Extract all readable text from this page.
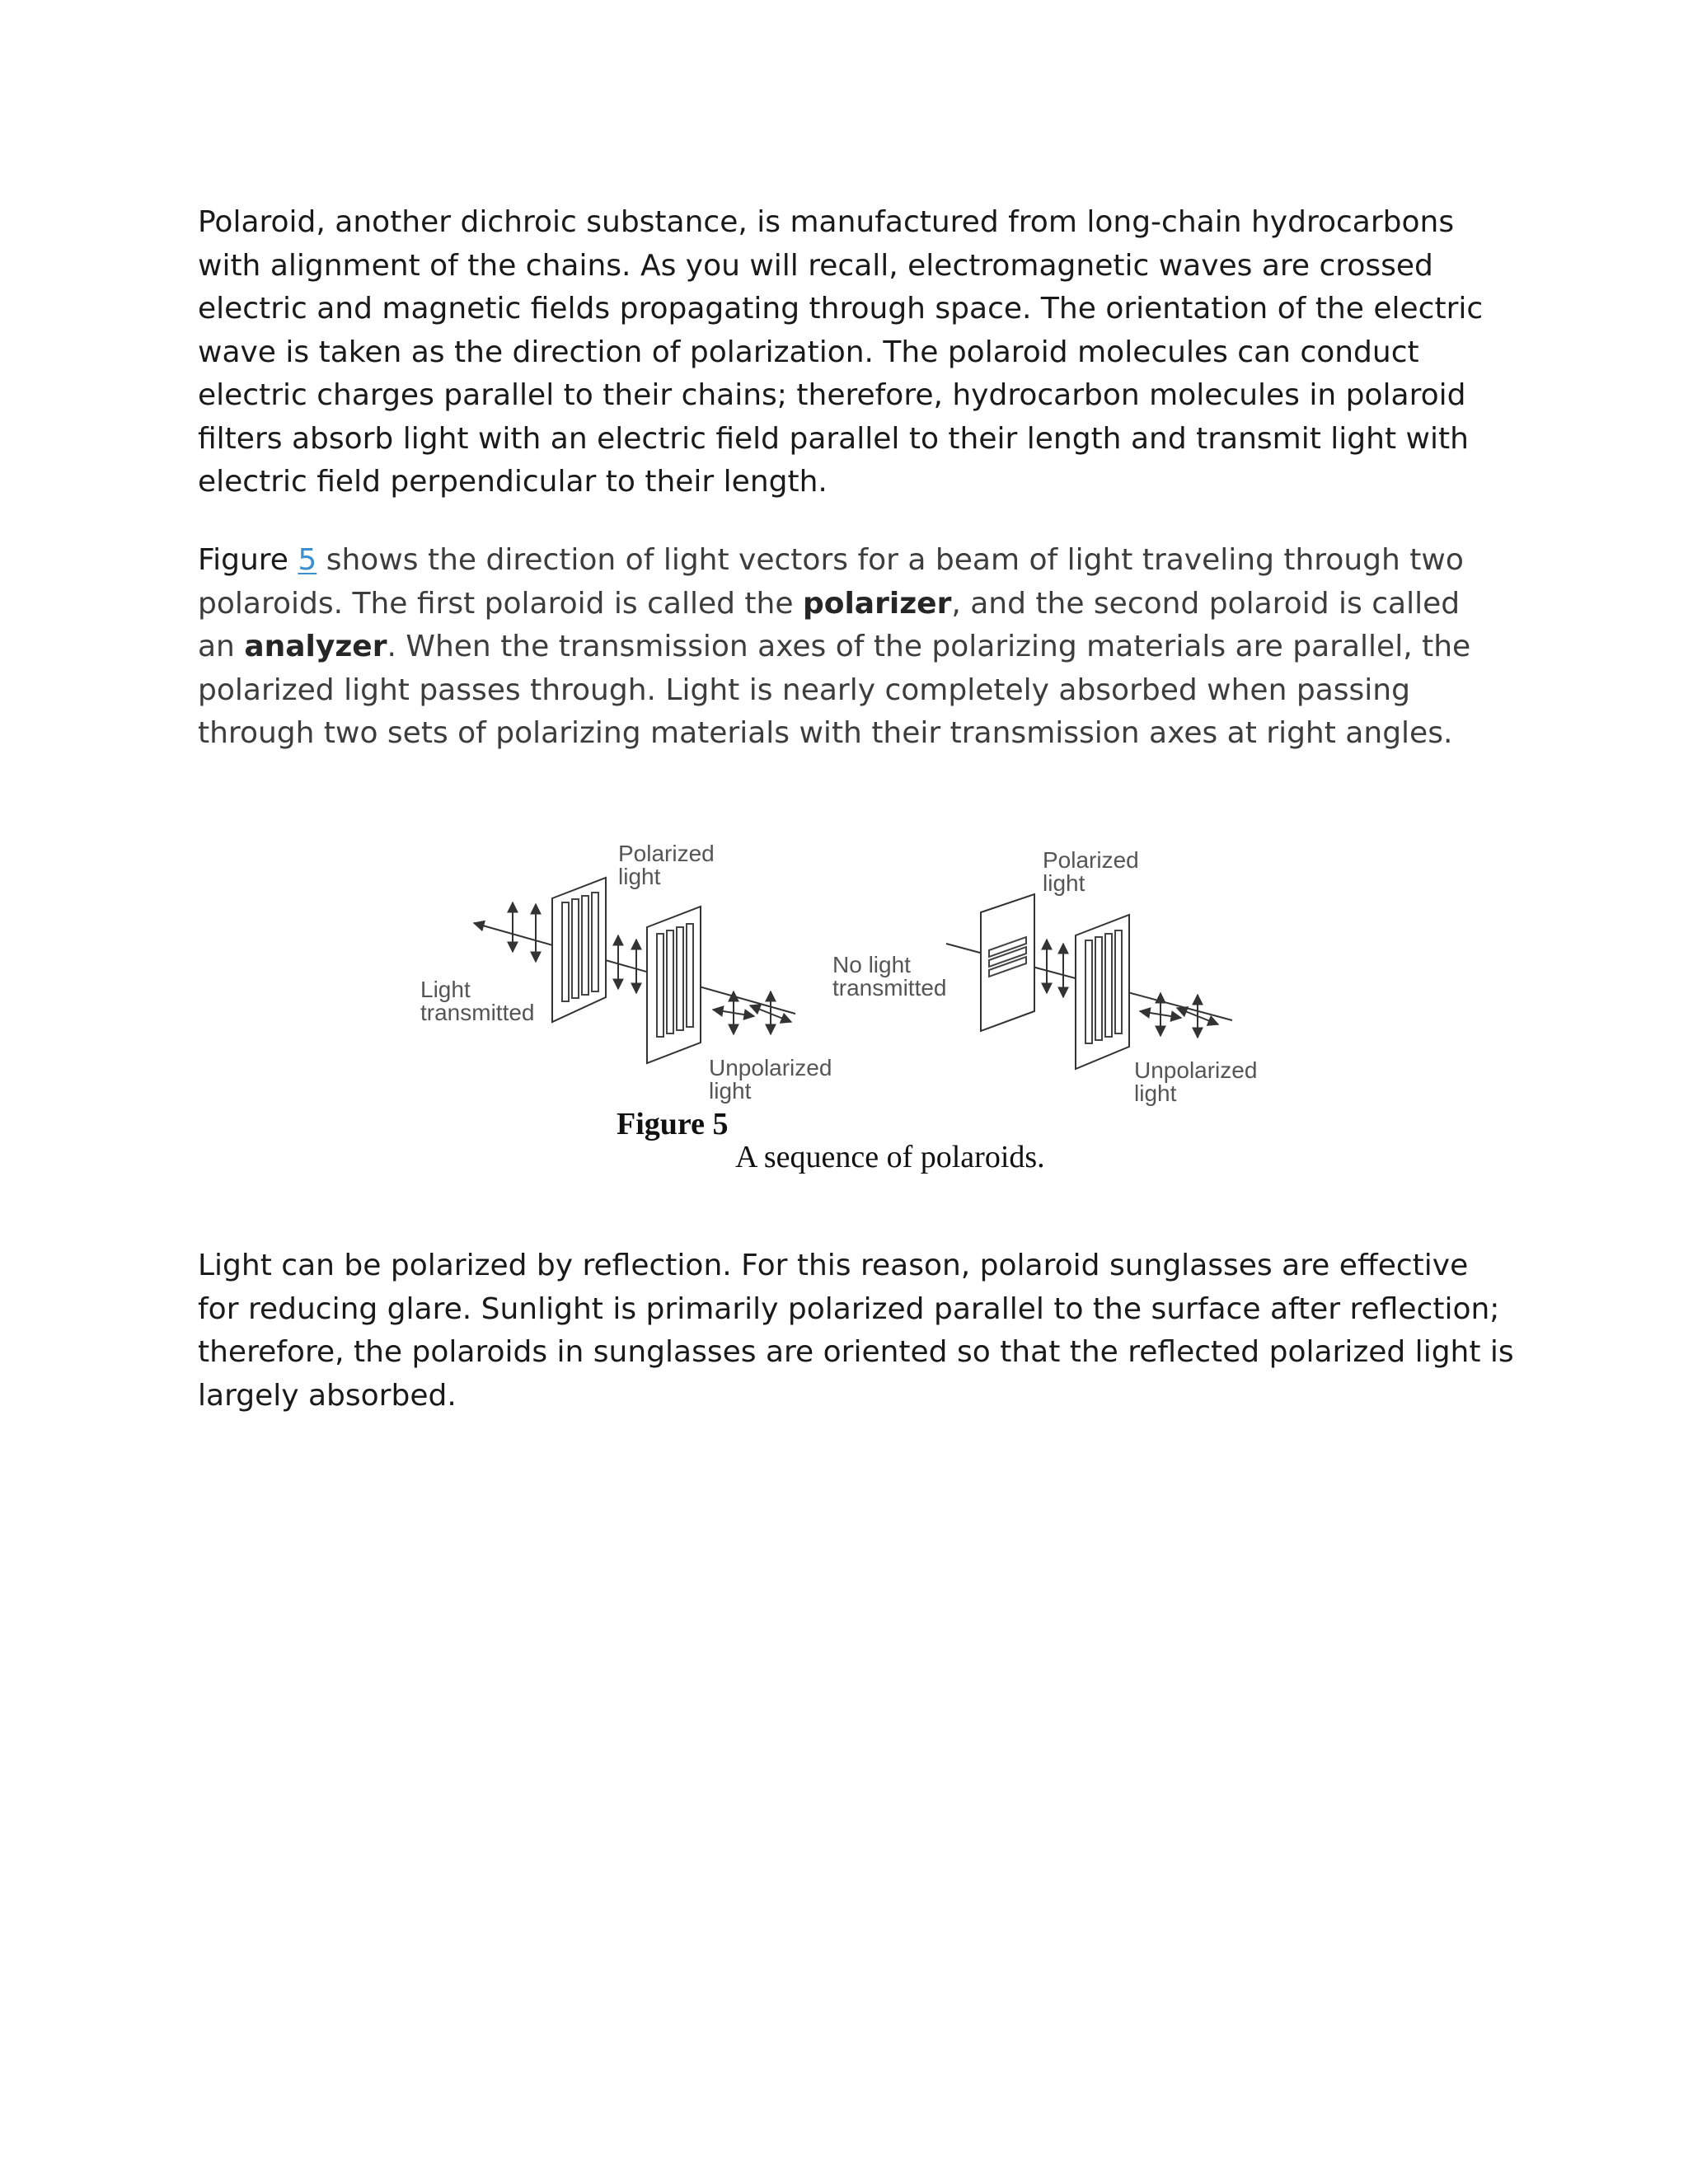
Polaroid, another dichroic substance, is manufactured from long-chain hydrocarbons
with alignment of the chains. As you will recall, electromagnetic waves are crossed
electric and magnetic fields propagating through space. The orientation of the electric
wave is taken as the direction of polarization. The polaroid molecules can conduct
electric charges parallel to their chains; therefore, hydrocarbon molecules in polaroid
filters absorb light with an electric field parallel to their length and transmit light with
electric field perpendicular to their length.
Figure 5 shows the direction of light vectors for a beam of light traveling through two
polaroids. The first polaroid is called the polarizer, and the second polaroid is called
an analyzer. When the transmission axes of the polarizing materials are parallel, the
polarized light passes through. Light is nearly completely absorbed when passing
through two sets of polarizing materials with their transmission axes at right angles.
Polarized
light
Light
transmitted
Unpolarized
light
Polarized
light
No light
transmitted
Unpolarized
light

Figure 5

A sequence of polaroids.

Light can be polarized by reflection. For this reason, polaroid sunglasses are effective
for reducing glare. Sunlight is primarily polarized parallel to the surface after reflection;
therefore, the polaroids in sunglasses are oriented so that the reflected polarized light is
largely absorbed.
